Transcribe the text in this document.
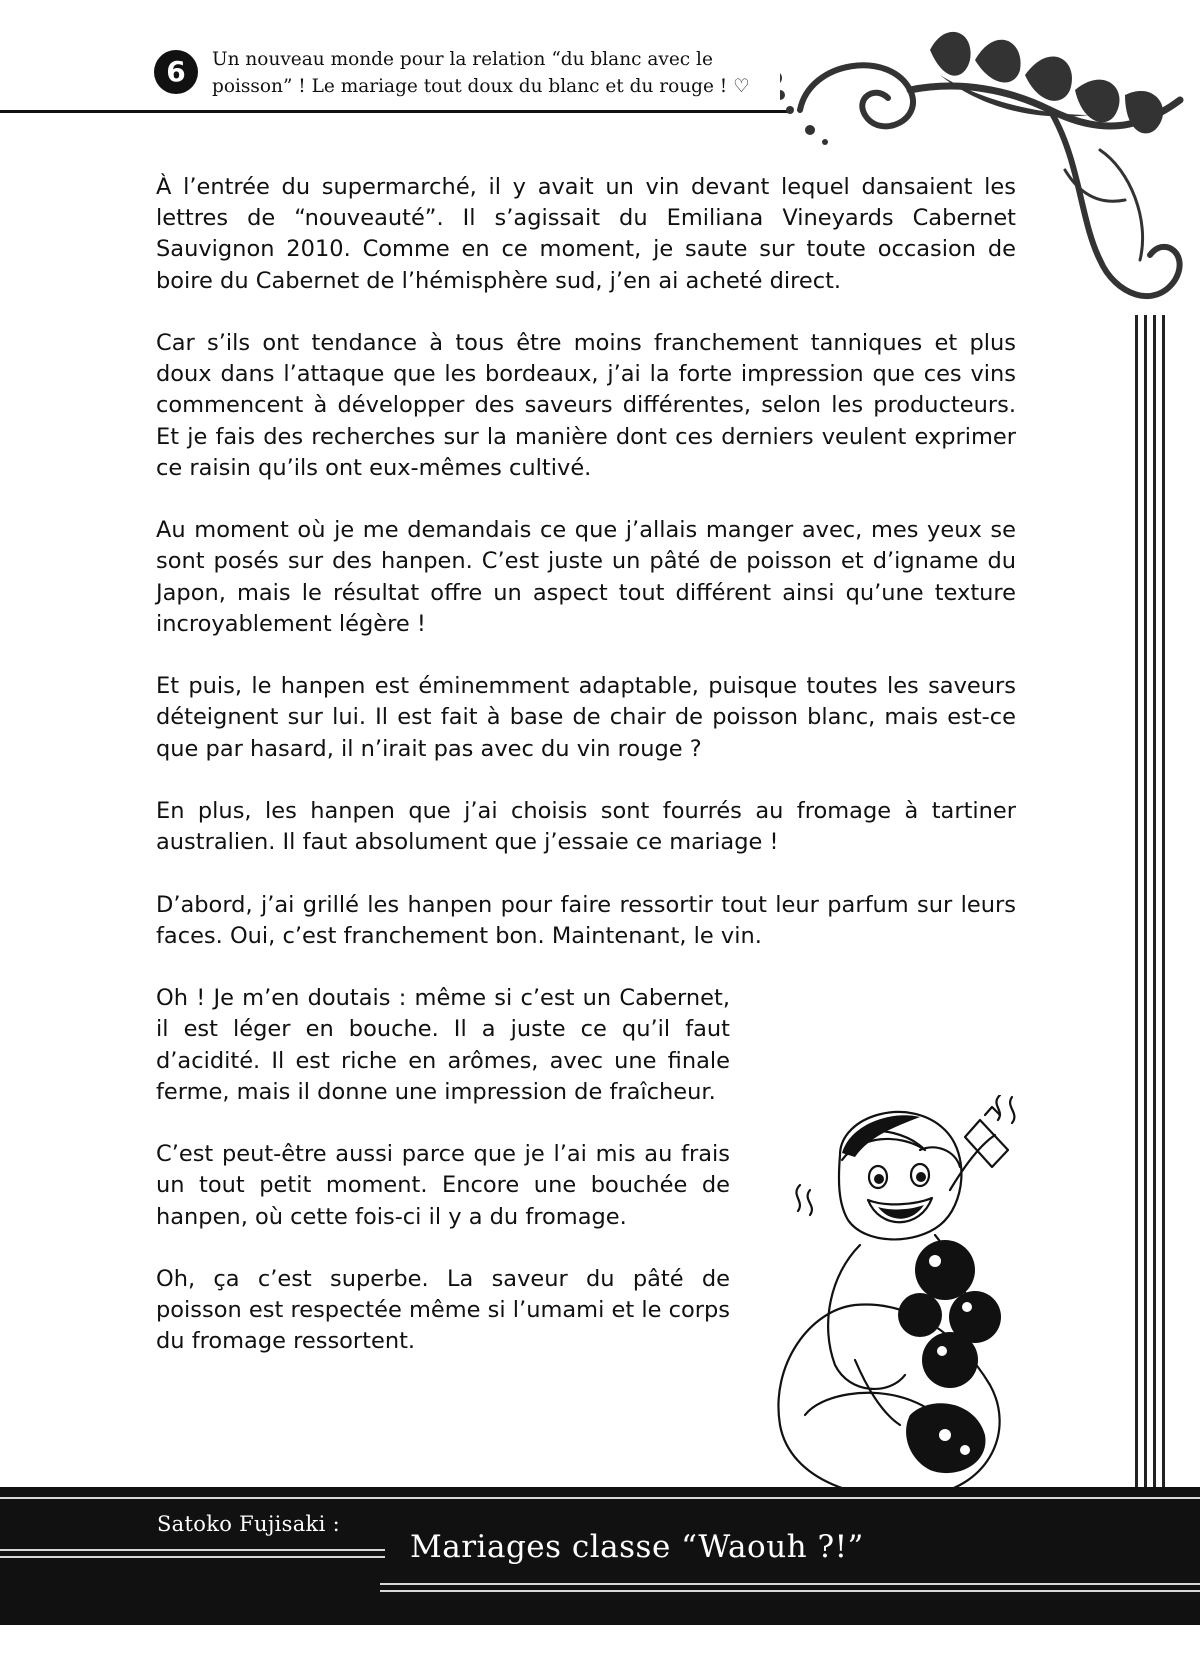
6	Un nouveau monde pour la relation “du blanc avec le
poisson” ! Le mariage tout doux du blanc et du rouge ! ♡

À l’entrée du supermarché, il y avait un vin devant lequel dansaient les lettres de “nouveauté”. Il s’agissait du Emiliana Vineyards Cabernet Sauvignon 2010. Comme en ce moment, je saute sur toute occasion de boire du Cabernet de l’hémisphère sud, j’en ai acheté direct.

Car s’ils ont tendance à tous être moins franchement tanniques et plus doux dans l’attaque que les bordeaux, j’ai la forte impression que ces vins commencent à développer des saveurs différentes, selon les producteurs. Et je fais des recherches sur la manière dont ces derniers veulent exprimer ce raisin qu’ils ont eux-mêmes cultivé.

Au moment où je me demandais ce que j’allais manger avec, mes yeux se sont posés sur des hanpen. C’est juste un pâté de poisson et d’igname du Japon, mais le résultat offre un aspect tout différent ainsi qu’une texture incroyablement légère !

Et puis, le hanpen est éminemment adaptable, puisque toutes les saveurs déteignent sur lui. Il est fait à base de chair de poisson blanc, mais est-ce que par hasard, il n’irait pas avec du vin rouge ?

En plus, les hanpen que j’ai choisis sont fourrés au fromage à tartiner australien. Il faut absolument que j’essaie ce mariage !

D’abord, j’ai grillé les hanpen pour faire ressortir tout leur parfum sur leurs faces. Oui, c’est franchement bon. Maintenant, le vin.

Oh ! Je m’en doutais : même si c’est un Cabernet, il est léger en bouche. Il a juste ce qu’il faut d’acidité. Il est riche en arômes, avec une finale ferme, mais il donne une impression de fraîcheur.

C’est peut-être aussi parce que je l’ai mis au frais un tout petit moment. Encore une bouchée de hanpen, où cette fois-ci il y a du fromage.

Oh, ça c’est superbe. La saveur du pâté de poisson est respectée même si l’umami et le corps du fromage ressortent.

Satoko Fujisaki :
Mariages classe “Waouh ?!”
